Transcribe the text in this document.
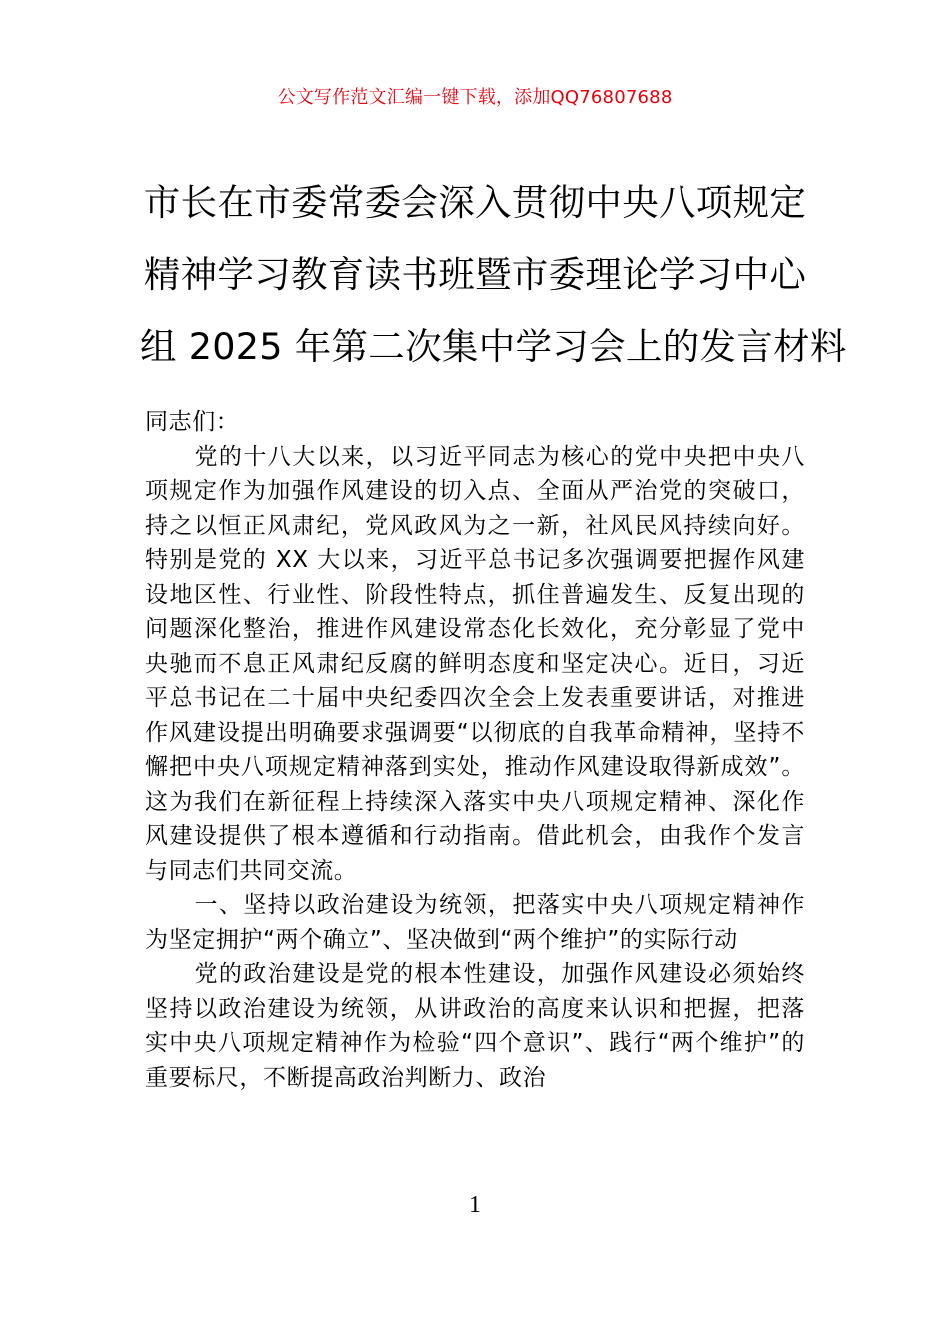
公文写作范文汇编一键下载，添加QQ76807688
市长在市委常委会深入贯彻中央八项规定
精神学习教育读书班暨市委理论学习中心
组 2025 年第二次集中学习会上的发言材料

同志们：

党的十八大以来，以习近平同志为核心的党中央把中央八项规定作为加强作风建设的切入点、全面从严治党的突破口，持之以恒正风肃纪，党风政风为之一新，社风民风持续向好。特别是党的 XX 大以来，习近平总书记多次强调要把握作风建设地区性、行业性、阶段性特点，抓住普遍发生、反复出现的问题深化整治，推进作风建设常态化长效化，充分彰显了党中央驰而不息正风肃纪反腐的鲜明态度和坚定决心。近日，习近平总书记在二十届中央纪委四次全会上发表重要讲话，对推进作风建设提出明确要求强调要“以彻底的自我革命精神，坚持不懈把中央八项规定精神落到实处，推动作风建设取得新成效”。这为我们在新征程上持续深入落实中央八项规定精神、深化作风建设提供了根本遵循和行动指南。借此机会，由我作个发言与同志们共同交流。

一、坚持以政治建设为统领，把落实中央八项规定精神作为坚定拥护“两个确立”、坚决做到“两个维护”的实际行动

党的政治建设是党的根本性建设，加强作风建设必须始终坚持以政治建设为统领，从讲政治的高度来认识和把握，把落实中央八项规定精神作为检验“四个意识”、践行“两个维护”的重要标尺，不断提高政治判断力、政治

1
